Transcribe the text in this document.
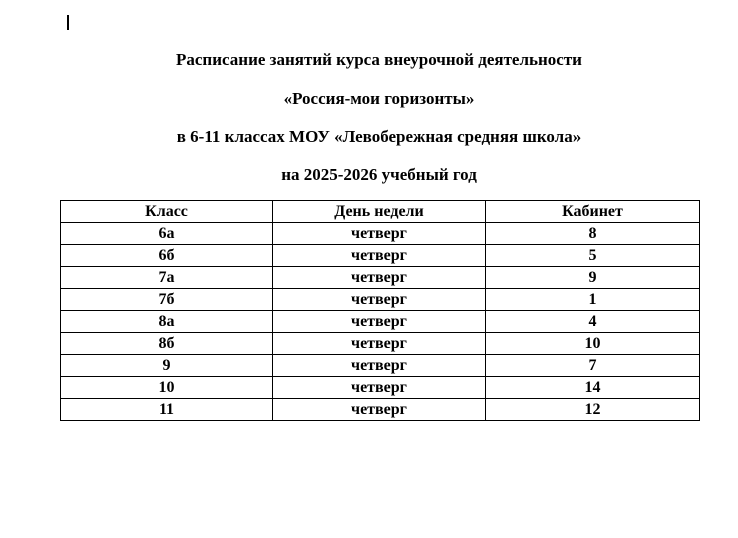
Расписание занятий курса внеурочной деятельности
«Россия-мои горизонты»
в 6-11 классах МОУ «Левобережная средняя школа»
на 2025-2026 учебный год
Класс	День недели	Кабинет
6а	четверг	8
6б	четверг	5
7а	четверг	9
7б	четверг	1
8а	четверг	4
8б	четверг	10
9	четверг	7
10	четверг	14
11	четверг	12
